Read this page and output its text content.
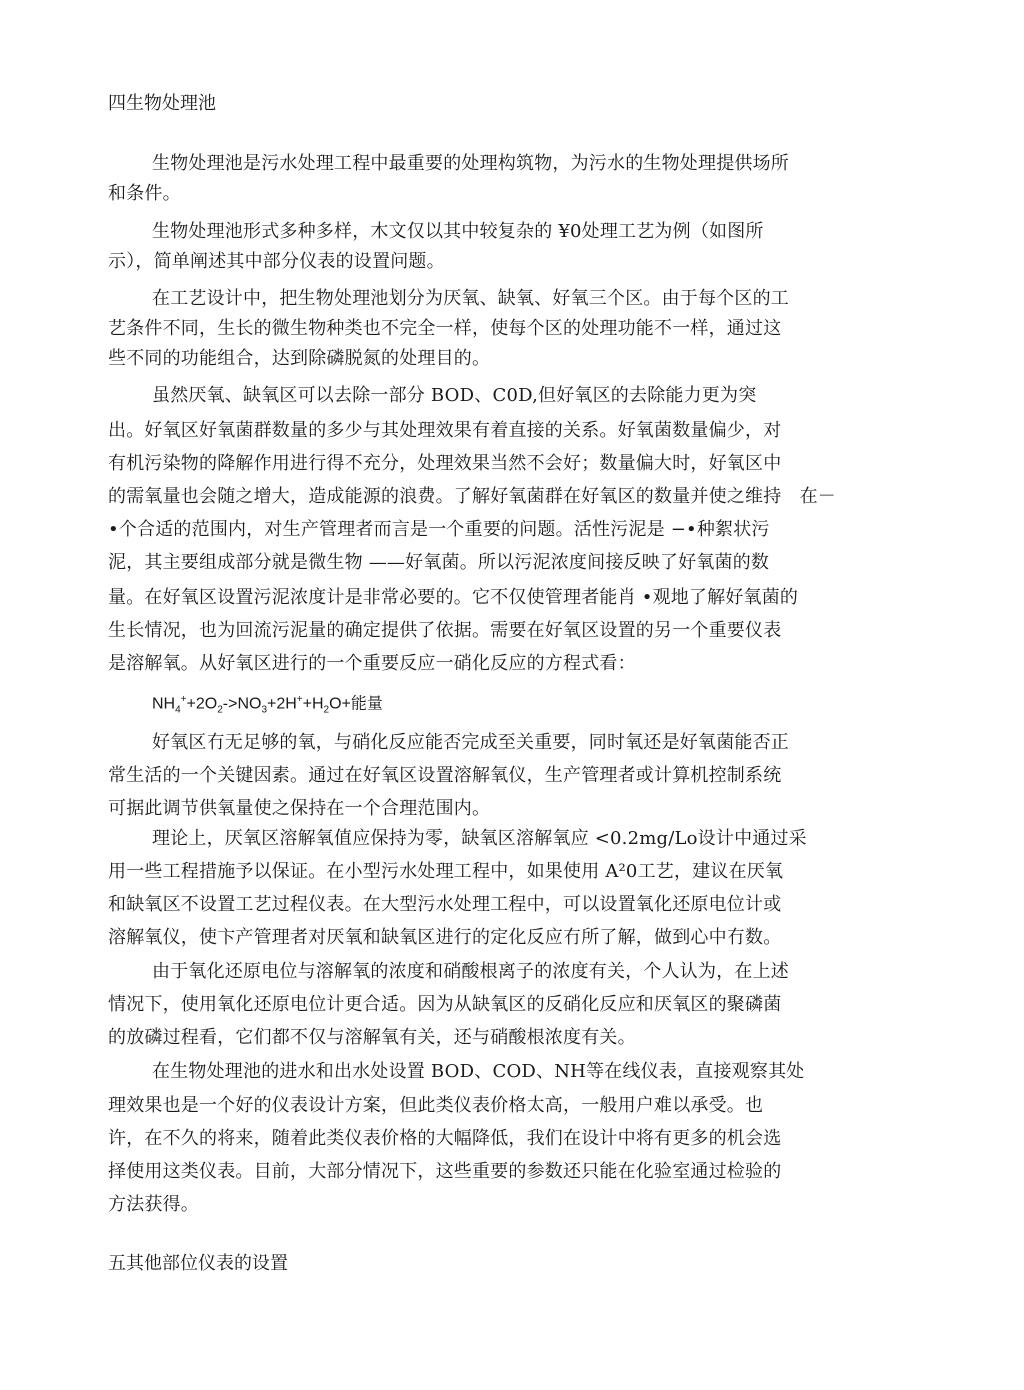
四生物处理池
生物处理池是污水处理工程中最重要的处理构筑物，为污水的生物处理提供场所
和条件。
生物处理池形式多种多样，木文仅以其中较复杂的 ¥0处理工艺为例（如图所
示），简单阐述其中部分仪表的设置问题。
在工艺设计中，把生物处理池划分为厌氧、缺氧、好氧三个区。由于每个区的工
艺条件不同，生长的微生物种类也不完全一样，使每个区的处理功能不一样，通过这
些不同的功能组合，达到除磷脱氮的处理目的。
虽然厌氧、缺氧区可以去除一部分 BOD、C0D,但好氧区的去除能力更为突
出。好氧区好氧菌群数量的多少与其处理效果有着直接的关系。好氧菌数量偏少，对
有机污染物的降解作用进行得不充分，处理效果当然不会好；数量偏大时，好氧区中
的需氧量也会随之增大，造成能源的浪费。了解好氧菌群在好氧区的数量并使之维持　在－
•个合适的范围内，对生产管理者而言是一个重要的问题。活性污泥是 −•种絮状污
泥，其主要组成部分就是微生物 ——好氧菌。所以污泥浓度间接反映了好氧菌的数
量。在好氧区设置污泥浓度计是非常必要的。它不仅使管理者能肖 •观地了解好氧菌的
生长情况，也为回流污泥量的确定提供了依据。需要在好氧区设置的另一个重要仪表
是溶解氧。从好氧区进行的一个重要反应一硝化反应的方程式看：
$NH_4^++2O_2->NO_3+2H^++H_2O+$能量
好氧区冇无足够的氧，与硝化反应能否完成至关重要，同时氧还是好氧菌能否正
常生活的一个关键因素。通过在好氧区设置溶解氧仪，生产管理者或计算机控制系统
可据此调节供氧量使之保持在一个合理范围内。
理论上，厌氧区溶解氧值应保持为零，缺氧区溶解氧应 <0.2mg/Lo设计中通过采
用一些工程措施予以保证。在小型污水处理工程中，如果使用 A²0工艺，建议在厌氧
和缺氧区不设置工艺过程仪表。在大型污水处理工程中，可以设置氧化还原电位计或
溶解氧仪，使卞产管理者对厌氧和缺氧区进行的定化反应冇所了解，做到心中冇数。
由于氧化还原电位与溶解氧的浓度和硝酸根离子的浓度有关，个人认为，在上述
情况下，使用氧化还原电位计更合适。因为从缺氧区的反硝化反应和厌氧区的聚磷菌
的放磷过程看，它们都不仅与溶解氧有关，还与硝酸根浓度有关。
在生物处理池的进水和出水处设置 BOD、COD、NH等在线仪表，直接观察其处
理效果也是一个好的仪表设计方案，但此类仪表价格太高，一般用户难以承受。也
许，在不久的将来，随着此类仪表价格的大幅降低，我们在设计中将有更多的机会选
择使用这类仪表。目前，大部分情况下，这些重要的参数还只能在化验室通过检验的
方法获得。
五其他部位仪表的设置
